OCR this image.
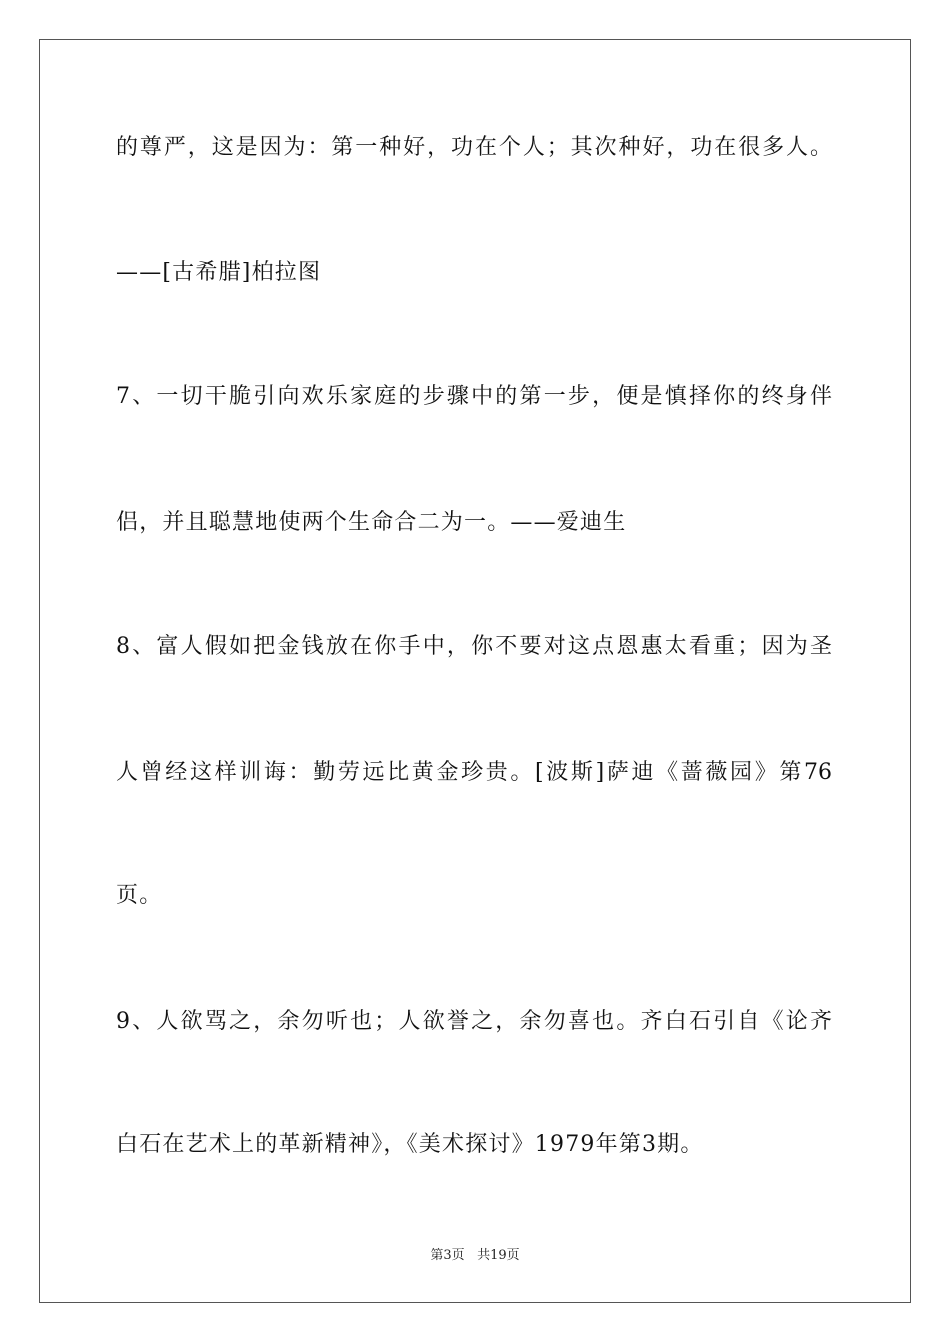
的尊严，这是因为：第一种好，功在个人；其次种好，功在很多人。
——[古希腊]柏拉图
7、一切干脆引向欢乐家庭的步骤中的第一步，便是慎择你的终身伴
侣，并且聪慧地使两个生命合二为一。——爱迪生
8、富人假如把金钱放在你手中，你不要对这点恩惠太看重；因为圣
人曾经这样训诲：勤劳远比黄金珍贵。[波斯]萨迪《蔷薇园》第76
页。
9、人欲骂之，余勿听也；人欲誉之，余勿喜也。齐白石引自《论齐
白石在艺术上的革新精神》，《美术探讨》1979年第3期。
第3页 共19页
